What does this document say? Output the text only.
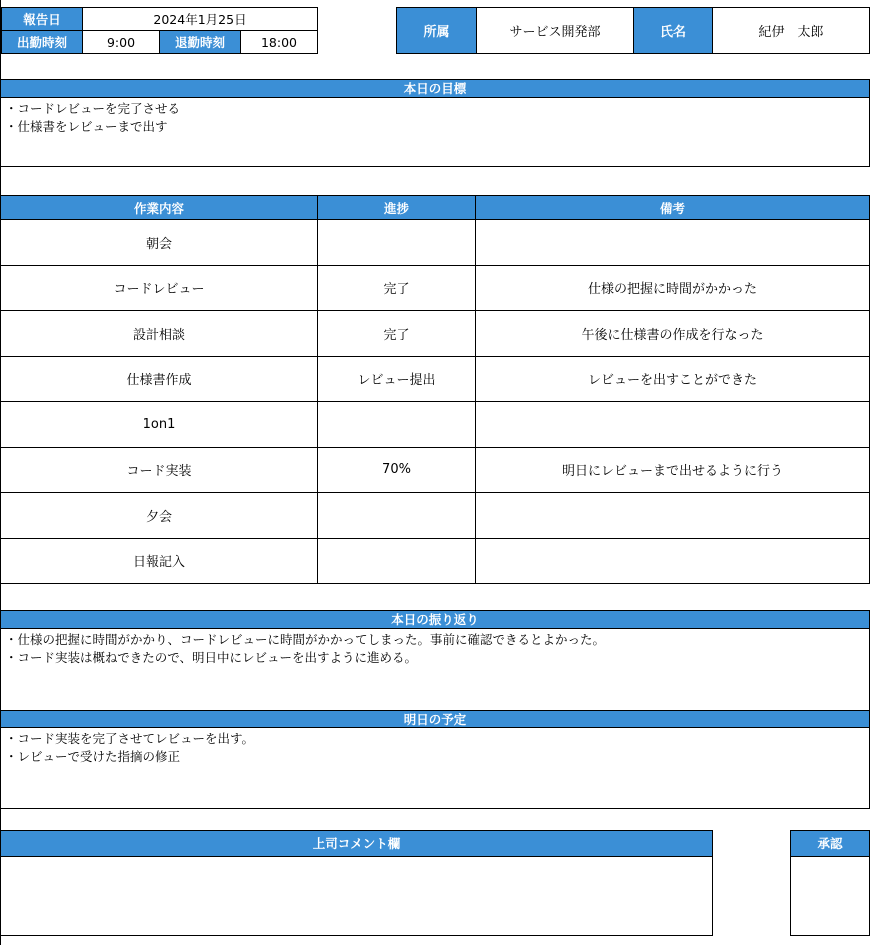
報告日	2024年1月25日		
出勤時刻	9:00	退勤時刻	18:00
所属	サービス開発部	氏名	紀伊　太郎
本日の目標
・コードレビューを完了させる
・仕様書をレビューまで出す
作業内容	進捗	備考
朝会		
コードレビュー	完了	仕様の把握に時間がかかった
設計相談	完了	午後に仕様書の作成を行なった
仕様書作成	レビュー提出	レビューを出すことができた
1on1		
コード実装	70%	明日にレビューまで出せるように行う
夕会		
日報記入		
本日の振り返り
・仕様の把握に時間がかかり、コードレビューに時間がかかってしまった。事前に確認できるとよかった。
・コード実装は概ねできたので、明日中にレビューを出すように進める。
明日の予定
・コード実装を完了させてレビューを出す。
・レビューで受けた指摘の修正
上司コメント欄	承認
